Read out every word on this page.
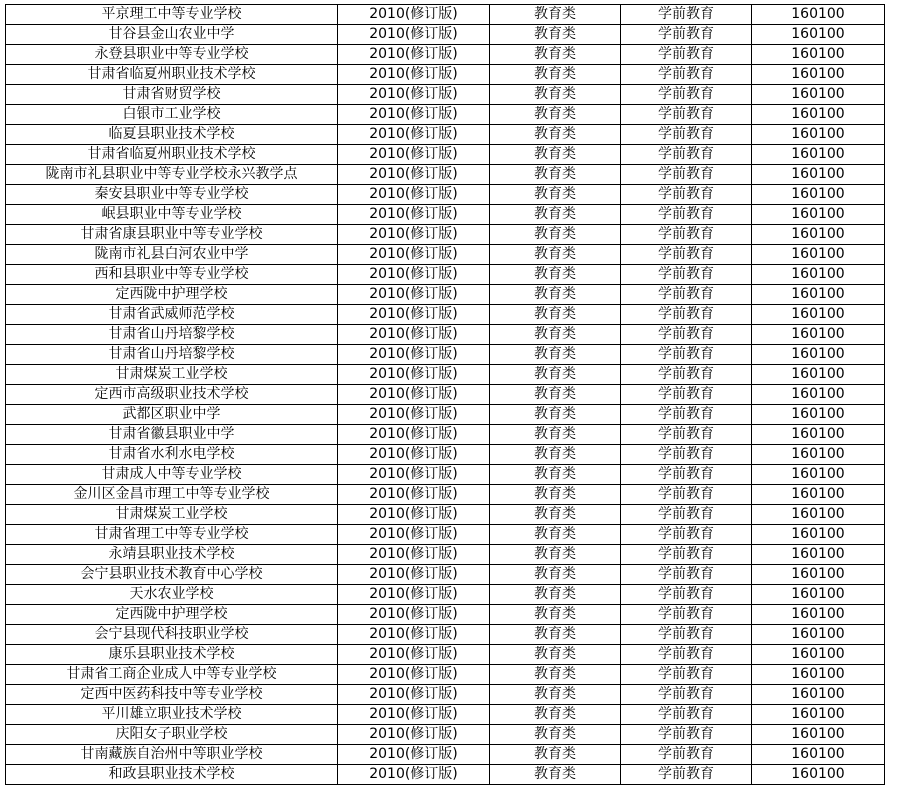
平京理工中等专业学校	2010(修订版)	教育类	学前教育	160100
甘谷县金山农业中学	2010(修订版)	教育类	学前教育	160100
永登县职业中等专业学校	2010(修订版)	教育类	学前教育	160100
甘肃省临夏州职业技术学校	2010(修订版)	教育类	学前教育	160100
甘肃省财贸学校	2010(修订版)	教育类	学前教育	160100
白银市工业学校	2010(修订版)	教育类	学前教育	160100
临夏县职业技术学校	2010(修订版)	教育类	学前教育	160100
甘肃省临夏州职业技术学校	2010(修订版)	教育类	学前教育	160100
陇南市礼县职业中等专业学校永兴教学点	2010(修订版)	教育类	学前教育	160100
秦安县职业中等专业学校	2010(修订版)	教育类	学前教育	160100
岷县职业中等专业学校	2010(修订版)	教育类	学前教育	160100
甘肃省康县职业中等专业学校	2010(修订版)	教育类	学前教育	160100
陇南市礼县白河农业中学	2010(修订版)	教育类	学前教育	160100
西和县职业中等专业学校	2010(修订版)	教育类	学前教育	160100
定西陇中护理学校	2010(修订版)	教育类	学前教育	160100
甘肃省武威师范学校	2010(修订版)	教育类	学前教育	160100
甘肃省山丹培黎学校	2010(修订版)	教育类	学前教育	160100
甘肃省山丹培黎学校	2010(修订版)	教育类	学前教育	160100
甘肃煤炭工业学校	2010(修订版)	教育类	学前教育	160100
定西市高级职业技术学校	2010(修订版)	教育类	学前教育	160100
武都区职业中学	2010(修订版)	教育类	学前教育	160100
甘肃省徽县职业中学	2010(修订版)	教育类	学前教育	160100
甘肃省水利水电学校	2010(修订版)	教育类	学前教育	160100
甘肃成人中等专业学校	2010(修订版)	教育类	学前教育	160100
金川区金昌市理工中等专业学校	2010(修订版)	教育类	学前教育	160100
甘肃煤炭工业学校	2010(修订版)	教育类	学前教育	160100
甘肃省理工中等专业学校	2010(修订版)	教育类	学前教育	160100
永靖县职业技术学校	2010(修订版)	教育类	学前教育	160100
会宁县职业技术教育中心学校	2010(修订版)	教育类	学前教育	160100
天水农业学校	2010(修订版)	教育类	学前教育	160100
定西陇中护理学校	2010(修订版)	教育类	学前教育	160100
会宁县现代科技职业学校	2010(修订版)	教育类	学前教育	160100
康乐县职业技术学校	2010(修订版)	教育类	学前教育	160100
甘肃省工商企业成人中等专业学校	2010(修订版)	教育类	学前教育	160100
定西中医药科技中等专业学校	2010(修订版)	教育类	学前教育	160100
平川雄立职业技术学校	2010(修订版)	教育类	学前教育	160100
庆阳女子职业学校	2010(修订版)	教育类	学前教育	160100
甘南藏族自治州中等职业学校	2010(修订版)	教育类	学前教育	160100
和政县职业技术学校	2010(修订版)	教育类	学前教育	160100
